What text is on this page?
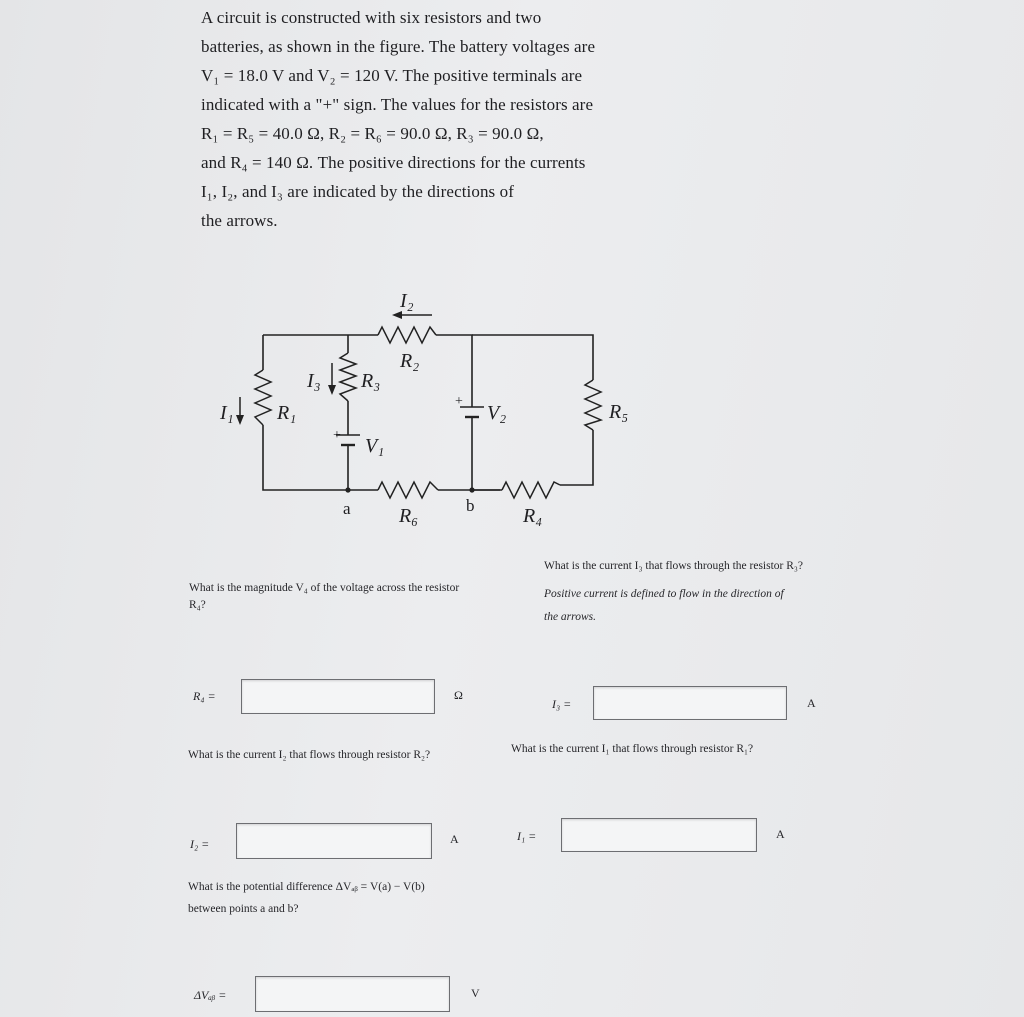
A circuit is constructed with six resistors and two

batteries, as shown in the figure. The battery voltages are

V₁ = 18.0 V and V₂ = 120 V. The positive terminals are

indicated with a "+" sign. The values for the resistors are

R₁ = R₅ = 40.0 Ω, R₂ = R₆ = 90.0 Ω, R₃ = 90.0 Ω,

and R₄ = 140 Ω. The positive directions for the currents

I₁, I₂, and I₃ are indicated by the directions of

the arrows.

I₂
R₂
I₃ R₃
I₁ R₁
+ V₁
+
V₂	R₅
a R₆	b R₄
What is the magnitude V₄ of the voltage across the resistor
R₄?
R₄ =	Ω
What is the current I₃ that flows through the resistor R₃?
Positive current is defined to flow in the direction of
the arrows.
I₃ =	A
What is the current I₂ that flows through resistor R₂?
I₂ =	A
What is the current I₁ that flows through resistor R₁?
I₁ =	A
What is the potential difference ΔVₐᵦ = V(a) − V(b)
between points a and b?
ΔVₐᵦ =	V
